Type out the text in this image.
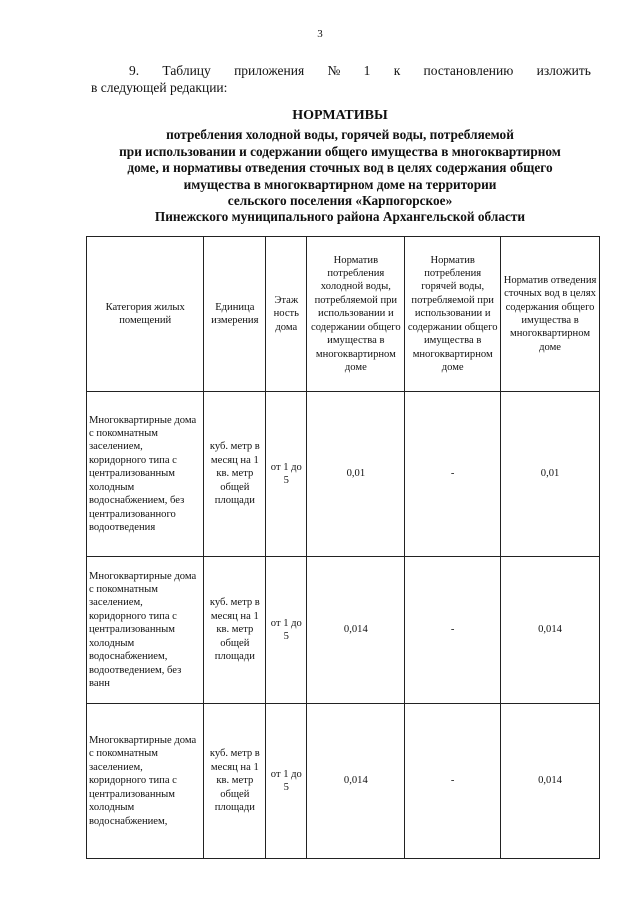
3
9. Таблицу приложения № 1 к постановлению изложить
в следующей редакции:
НОРМАТИВЫ
потребления холодной воды, горячей воды, потребляемой
при использовании и содержании общего имущества в многоквартирном
доме, и нормативы отведения сточных вод в целях содержания общего
имущества в многоквартирном доме на территории
сельского поселения «Карпогорское»
Пинежского муниципального района Архангельской области
Категория жилых помещений	Единица измерения	Этаж ность дома	Норматив потребления холодной воды, потребляемой при использовании и содержании общего имущества в многоквартирном доме	Норматив потребления горячей воды, потребляемой при использовании и содержании общего имущества в многоквартирном доме	Норматив отведения сточных вод в целях содержания общего имущества в многоквартирном доме
Многоквартирные дома с покомнатным заселением, коридорного типа с централизованным холодным водоснабжением, без централизованного водоотведения	куб. метр в месяц на 1 кв. метр общей площади	от 1 до 5	0,01	-	0,01
Многоквартирные дома с покомнатным заселением, коридорного типа с централизованным холодным водоснабжением, водоотведением, без ванн	куб. метр в месяц на 1 кв. метр общей площади	от 1 до 5	0,014	-	0,014
Многоквартирные дома с покомнатным заселением, коридорного типа с централизованным холодным водоснабжением,	куб. метр в месяц на 1 кв. метр общей площади	от 1 до 5	0,014	-	0,014
